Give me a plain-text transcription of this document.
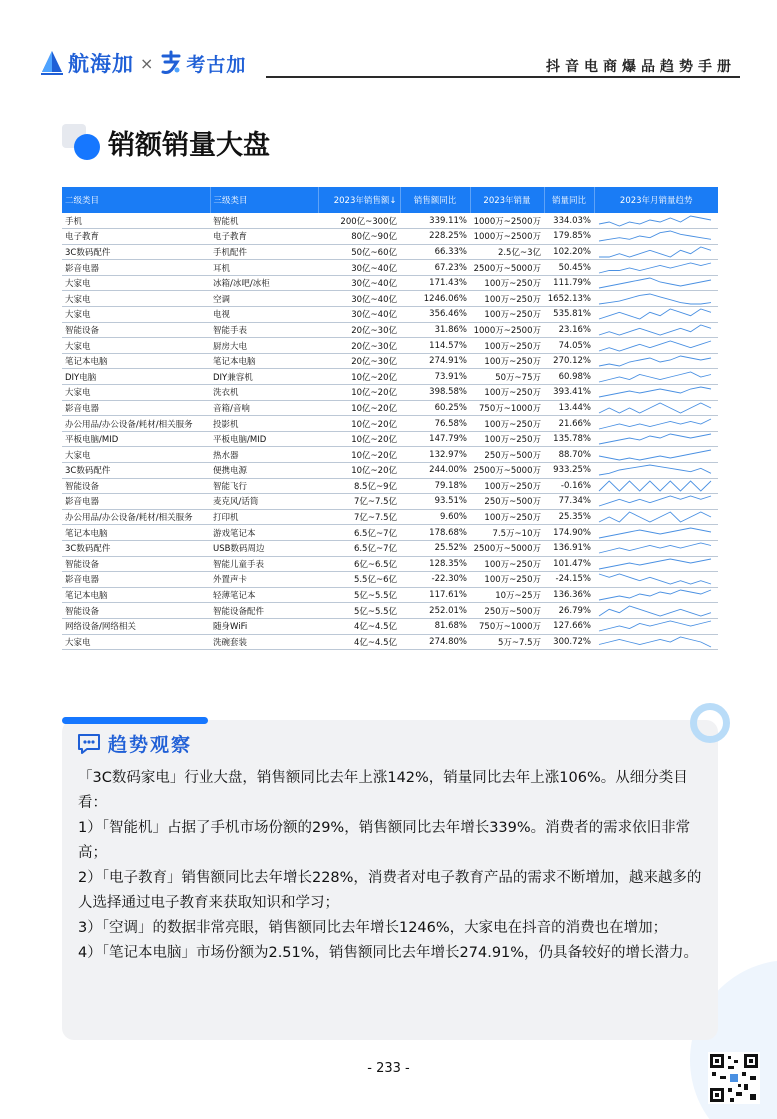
航海加 × 考古加	抖音电商爆品趋势手册
销额销量大盘
二级类目	三级类目	2023年销售额↓	销售额同比	2023年销量	销量同比	2023年月销量趋势
手机	智能机	200亿~300亿	339.11%	1000万~2500万	334.03%	

电子教育	电子教育	80亿~90亿	228.25%	1000万~2500万	179.85%	

3C数码配件	手机配件	50亿~60亿	66.33%	2.5亿~3亿	102.20%	

影音电器	耳机	30亿~40亿	67.23%	2500万~5000万	50.45%	

大家电	冰箱/冰吧/冰柜	30亿~40亿	171.43%	100万~250万	111.79%	

大家电	空调	30亿~40亿	1246.06%	100万~250万	1652.13%	

大家电	电视	30亿~40亿	356.46%	100万~250万	535.81%	

智能设备	智能手表	20亿~30亿	31.86%	1000万~2500万	23.16%	

大家电	厨房大电	20亿~30亿	114.57%	100万~250万	74.05%	

笔记本电脑	笔记本电脑	20亿~30亿	274.91%	100万~250万	270.12%	

DIY电脑	DIY兼容机	10亿~20亿	73.91%	50万~75万	60.98%	

大家电	洗衣机	10亿~20亿	398.58%	100万~250万	393.41%	

影音电器	音箱/音响	10亿~20亿	60.25%	750万~1000万	13.44%	

办公用品/办公设备/耗材/相关服务	投影机	10亿~20亿	76.58%	100万~250万	21.66%	

平板电脑/MID	平板电脑/MID	10亿~20亿	147.79%	100万~250万	135.78%	

大家电	热水器	10亿~20亿	132.97%	250万~500万	88.70%	

3C数码配件	便携电源	10亿~20亿	244.00%	2500万~5000万	933.25%	

智能设备	智能飞行	8.5亿~9亿	79.18%	100万~250万	-0.16%	

影音电器	麦克风/话筒	7亿~7.5亿	93.51%	250万~500万	77.34%	

办公用品/办公设备/耗材/相关服务	打印机	7亿~7.5亿	9.60%	100万~250万	25.35%	

笔记本电脑	游戏笔记本	6.5亿~7亿	178.68%	7.5万~10万	174.90%	

3C数码配件	USB数码周边	6.5亿~7亿	25.52%	2500万~5000万	136.91%	

智能设备	智能儿童手表	6亿~6.5亿	128.35%	100万~250万	101.47%	

影音电器	外置声卡	5.5亿~6亿	-22.30%	100万~250万	-24.15%	

笔记本电脑	轻薄笔记本	5亿~5.5亿	117.61%	10万~25万	136.36%	

智能设备	智能设备配件	5亿~5.5亿	252.01%	250万~500万	26.79%	

网络设备/网络相关	随身WiFi	4亿~4.5亿	81.68%	750万~1000万	127.66%	

大家电	洗碗套装	4亿~4.5亿	274.80%	5万~7.5万	300.72%	
趋势观察

「3C数码家电」行业大盘，销售额同比去年上涨142%，销量同比去年上涨106%。从细分类目看：

1）「智能机」占据了手机市场份额的29%，销售额同比去年增长339%。消费者的需求依旧非常高；

2）「电子教育」销售额同比去年增长228%，消费者对电子教育产品的需求不断增加，越来越多的人选择通过电子教育来获取知识和学习；

3）「空调」的数据非常亮眼，销售额同比去年增长1246%，大家电在抖音的消费也在增加；

4）「笔记本电脑」市场份额为2.51%，销售额同比去年增长274.91%，仍具备较好的增长潜力。

- 233 -
